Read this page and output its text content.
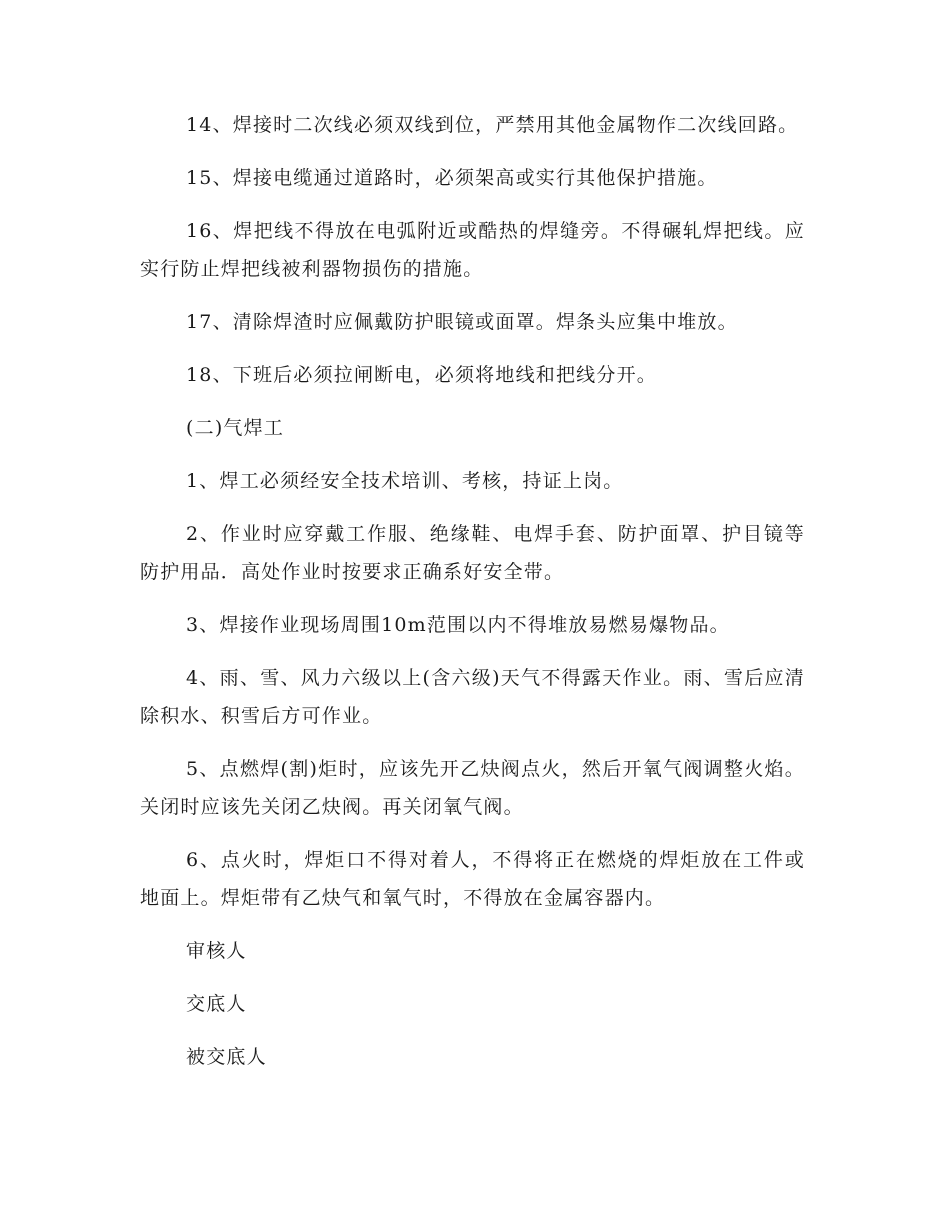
14、焊接时二次线必须双线到位，严禁用其他金属物作二次线回路。

15、焊接电缆通过道路时，必须架高或实行其他保护措施。

16、焊把线不得放在电弧附近或酷热的焊缝旁。不得碾轧焊把线。应实行防止焊把线被利器物损伤的措施。

17、清除焊渣时应佩戴防护眼镜或面罩。焊条头应集中堆放。

18、下班后必须拉闸断电，必须将地线和把线分开。

(二)气焊工

1、焊工必须经安全技术培训、考核，持证上岗。

2、作业时应穿戴工作服、绝缘鞋、电焊手套、防护面罩、护目镜等防护用品．高处作业时按要求正确系好安全带。

3、焊接作业现场周围10m范围以内不得堆放易燃易爆物品。

4、雨、雪、风力六级以上(含六级)天气不得露天作业。雨、雪后应清除积水、积雪后方可作业。

5、点燃焊(割)炬时，应该先开乙炔阀点火，然后开氧气阀调整火焰。关闭时应该先关闭乙炔阀。再关闭氧气阀。

6、点火时，焊炬口不得对着人，不得将正在燃烧的焊炬放在工件或地面上。焊炬带有乙炔气和氧气时，不得放在金属容器内。

审核人

交底人

被交底人
